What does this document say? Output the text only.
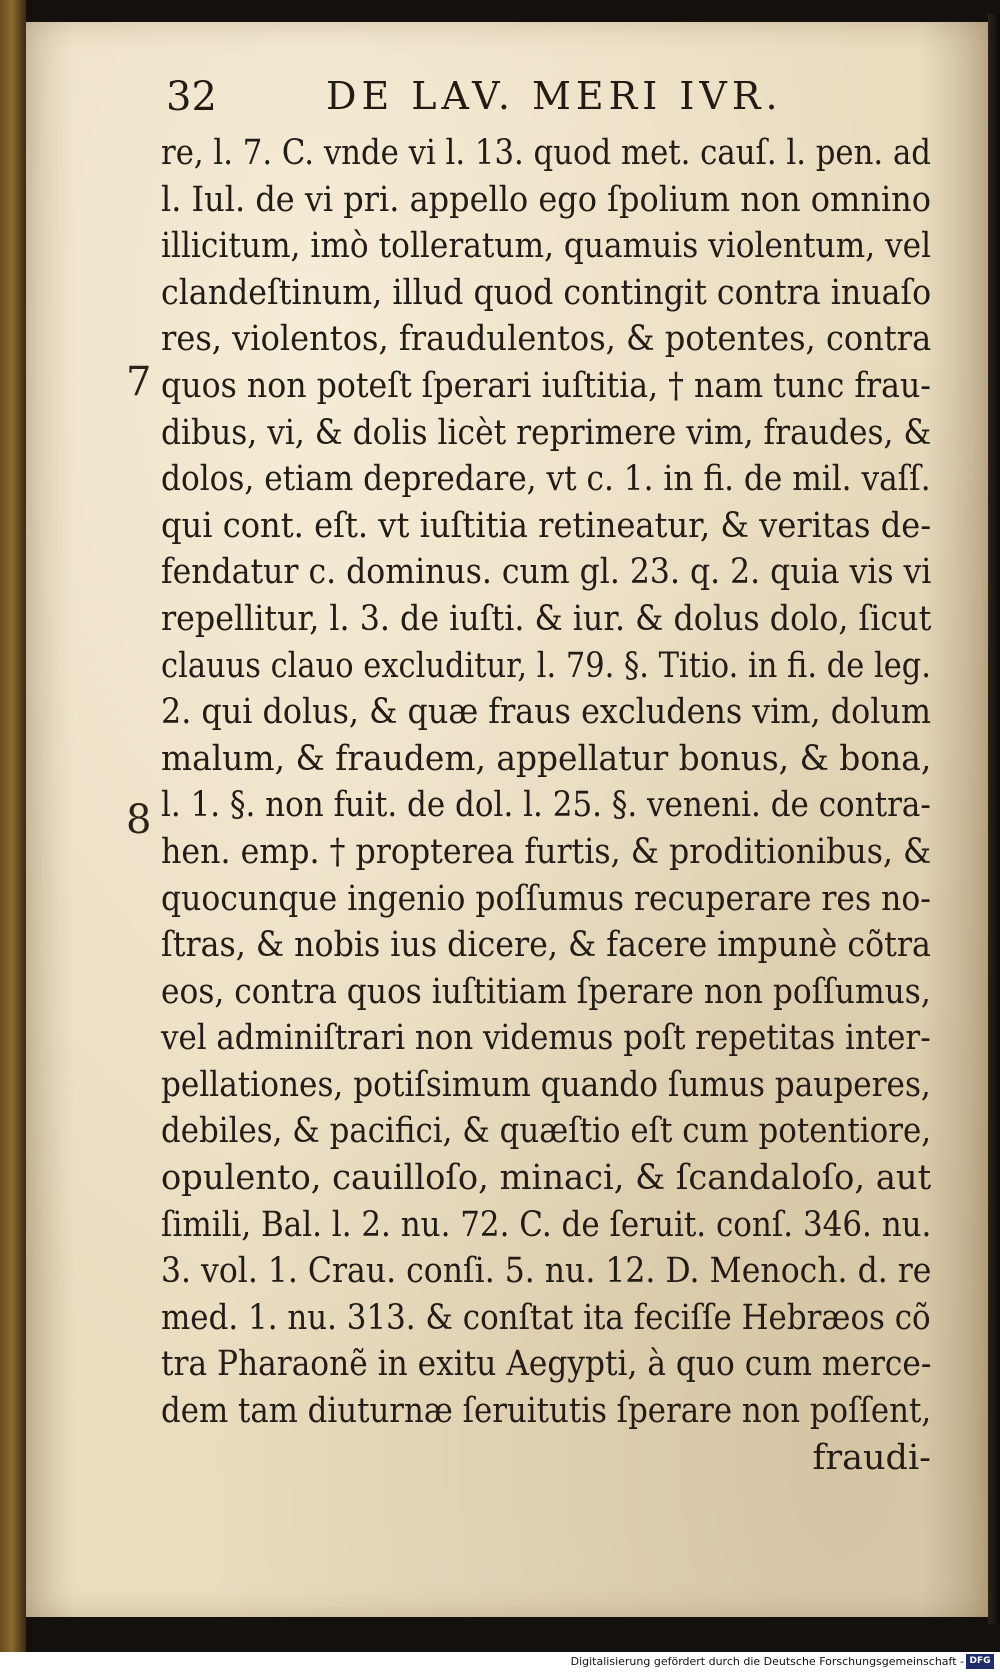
32	DE LAV. MERI IVR.
7
8
re, l. 7. C. vnde vi l. 13. quod met. cauſ. l. pen. ad
l. Iul. de vi pri. appello ego ſpolium non omnino
illicitum, imò tolleratum, quamuis violentum, vel
clandeſtinum, illud quod contingit contra inuaſo
res, violentos, fraudulentos, & potentes, contra
quos non poteſt ſperari iuſtitia, † nam tunc frau-
dibus, vi, & dolis licèt reprimere vim, fraudes, &
dolos, etiam depredare, vt c. 1. in fi. de mil. vaſſ.
qui cont. eſt. vt iuſtitia retineatur, & veritas de-
fendatur c. dominus. cum gl. 23. q. 2. quia vis vi
repellitur, l. 3. de iuſti. & iur. & dolus dolo, ſicut
clauus clauo excluditur, l. 79. §. Titio. in fi. de leg.
2. qui dolus, & quæ fraus excludens vim, dolum
malum, & fraudem, appellatur bonus, & bona,
l. 1. §. non fuit. de dol. l. 25. §. veneni. de contra-
hen. emp. † propterea furtis, & proditionibus, &
quocunque ingenio poſſumus recuperare res no-
ſtras, & nobis ius dicere, & facere impunè cõtra
eos, contra quos iuſtitiam ſperare non poſſumus,
vel adminiſtrari non videmus poſt repetitas inter-
pellationes, potiſsimum quando ſumus pauperes,
debiles, & pacifici, & quæſtio eſt cum potentiore,
opulento, cauilloſo, minaci, & ſcandaloſo, aut
ſimili, Bal. l. 2. nu. 72. C. de ſeruit. conſ. 346. nu.
3. vol. 1. Crau. conſi. 5. nu. 12. D. Menoch. d. re
med. 1. nu. 313. & conſtat ita feciſſe Hebræos cõ
tra Pharaonẽ in exitu Aegypti, à quo cum merce-
dem tam diuturnæ ſeruitutis ſperare non poſſent,
fraudi-
Digitalisierung gefördert durch die Deutsche Forschungsgemeinschaft - DFG
